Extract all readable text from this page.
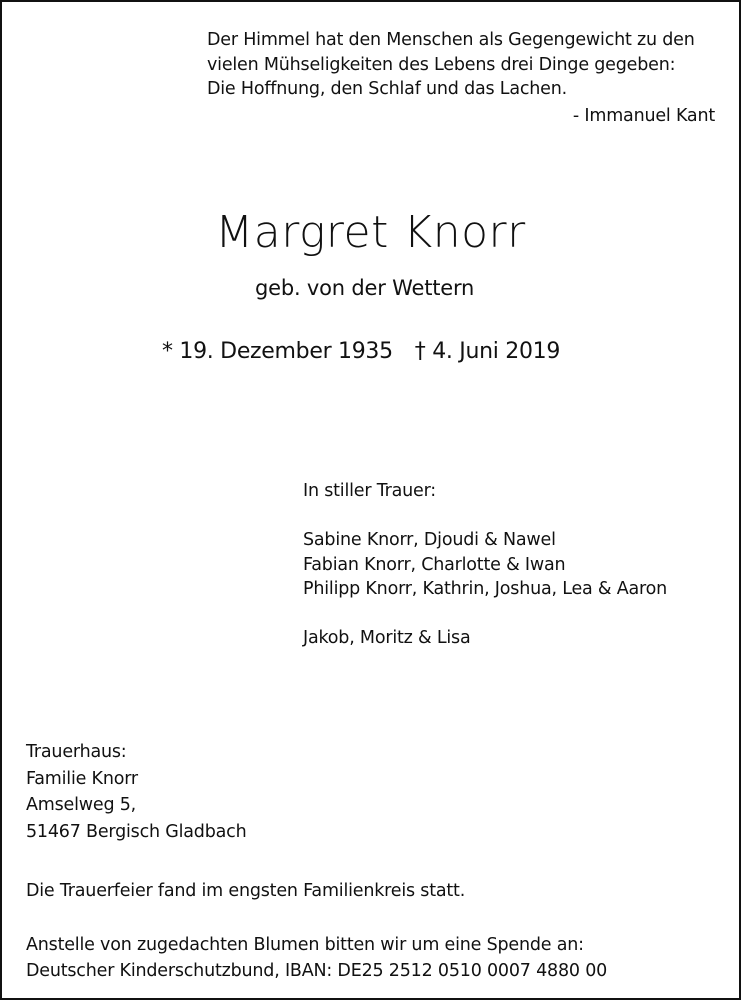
Der Himmel hat den Menschen als Gegengewicht zu den
vielen Mühseligkeiten des Lebens drei Dinge gegeben:
Die Hoffnung, den Schlaf und das Lachen.
- Immanuel Kant
Margret Knorr
geb. von der Wettern
* 19. Dezember 1935 † 4. Juni 2019
In stiller Trauer:
Sabine Knorr, Djoudi & Nawel
Fabian Knorr, Charlotte & Iwan
Philipp Knorr, Kathrin, Joshua, Lea & Aaron
Jakob, Moritz & Lisa
Trauerhaus:
Familie Knorr
Amselweg 5,
51467 Bergisch Gladbach
Die Trauerfeier fand im engsten Familienkreis statt.
Anstelle von zugedachten Blumen bitten wir um eine Spende an:
Deutscher Kinderschutzbund, IBAN: DE25 2512 0510 0007 4880 00
